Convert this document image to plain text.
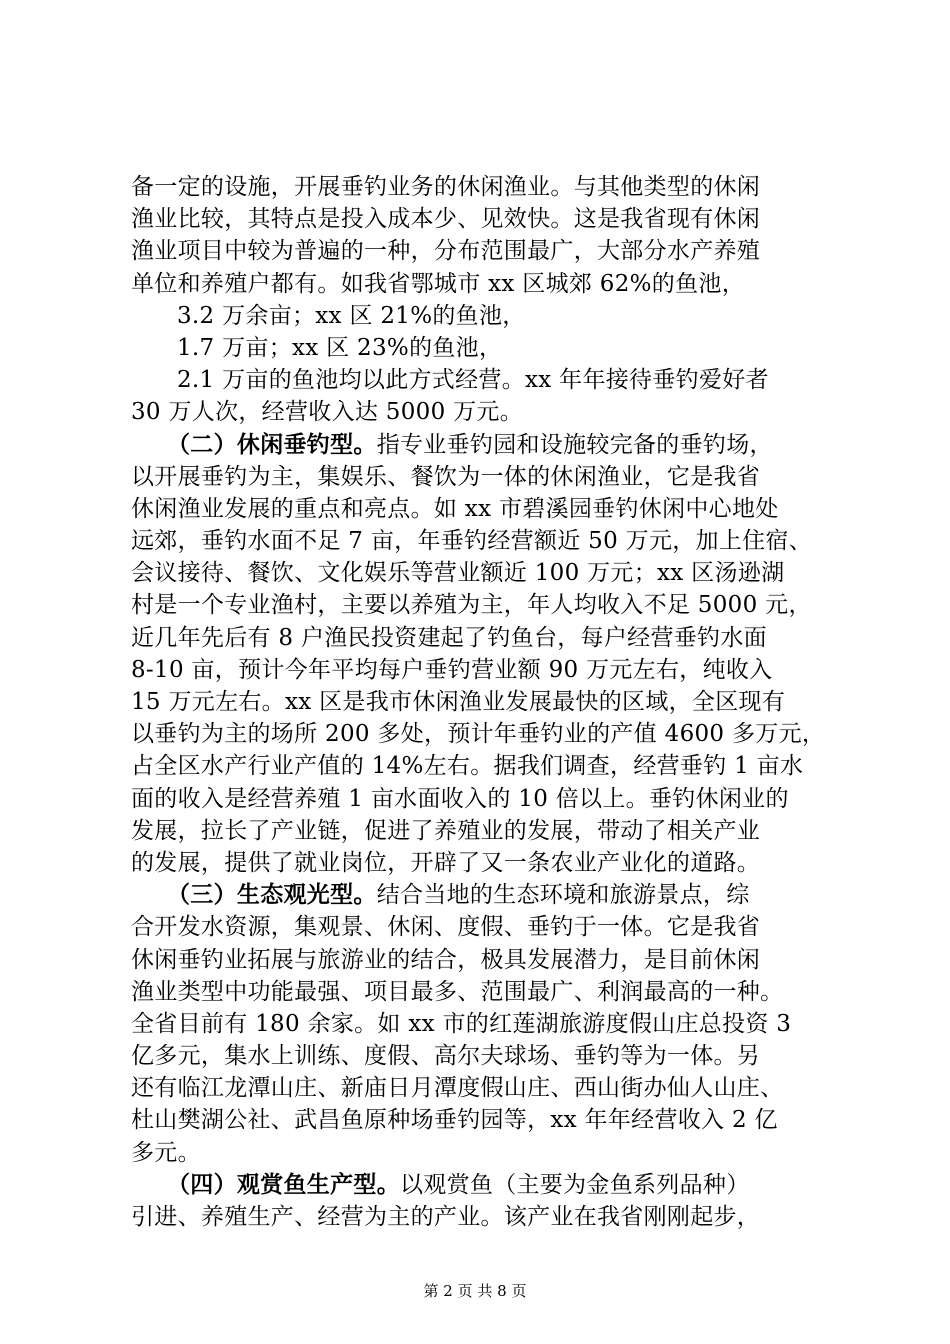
备一定的设施，开展垂钓业务的休闲渔业。与其他类型的休闲
渔业比较，其特点是投入成本少、见效快。这是我省现有休闲
渔业项目中较为普遍的一种，分布范围最广，大部分水产养殖
单位和养殖户都有。如我省鄂城市 xx 区城郊 62%的鱼池，
3.2 万余亩；xx 区 21%的鱼池，
1.7 万亩；xx 区 23%的鱼池，
2.1 万亩的鱼池均以此方式经营。xx 年年接待垂钓爱好者
30 万人次，经营收入达 5000 万元。
（二）休闲垂钓型。指专业垂钓园和设施较完备的垂钓场，
以开展垂钓为主，集娱乐、餐饮为一体的休闲渔业，它是我省
休闲渔业发展的重点和亮点。如 xx 市碧溪园垂钓休闲中心地处
远郊，垂钓水面不足 7 亩，年垂钓经营额近 50 万元，加上住宿、
会议接待、餐饮、文化娱乐等营业额近 100 万元；xx 区汤逊湖
村是一个专业渔村，主要以养殖为主，年人均收入不足 5000 元，
近几年先后有 8 户渔民投资建起了钓鱼台，每户经营垂钓水面
8-10 亩，预计今年平均每户垂钓营业额 90 万元左右，纯收入
15 万元左右。xx 区是我市休闲渔业发展最快的区域，全区现有
以垂钓为主的场所 200 多处，预计年垂钓业的产值 4600 多万元，
占全区水产行业产值的 14%左右。据我们调查，经营垂钓 1 亩水
面的收入是经营养殖 1 亩水面收入的 10 倍以上。垂钓休闲业的
发展，拉长了产业链，促进了养殖业的发展，带动了相关产业
的发展，提供了就业岗位，开辟了又一条农业产业化的道路。
（三）生态观光型。结合当地的生态环境和旅游景点，综
合开发水资源，集观景、休闲、度假、垂钓于一体。它是我省
休闲垂钓业拓展与旅游业的结合，极具发展潜力，是目前休闲
渔业类型中功能最强、项目最多、范围最广、利润最高的一种。
全省目前有 180 余家。如 xx 市的红莲湖旅游度假山庄总投资 3
亿多元，集水上训练、度假、高尔夫球场、垂钓等为一体。另
还有临江龙潭山庄、新庙日月潭度假山庄、西山街办仙人山庄、
杜山樊湖公社、武昌鱼原种场垂钓园等，xx 年年经营收入 2 亿
多元。
（四）观赏鱼生产型。以观赏鱼（主要为金鱼系列品种）
引进、养殖生产、经营为主的产业。该产业在我省刚刚起步，
第 2 页 共 8 页
